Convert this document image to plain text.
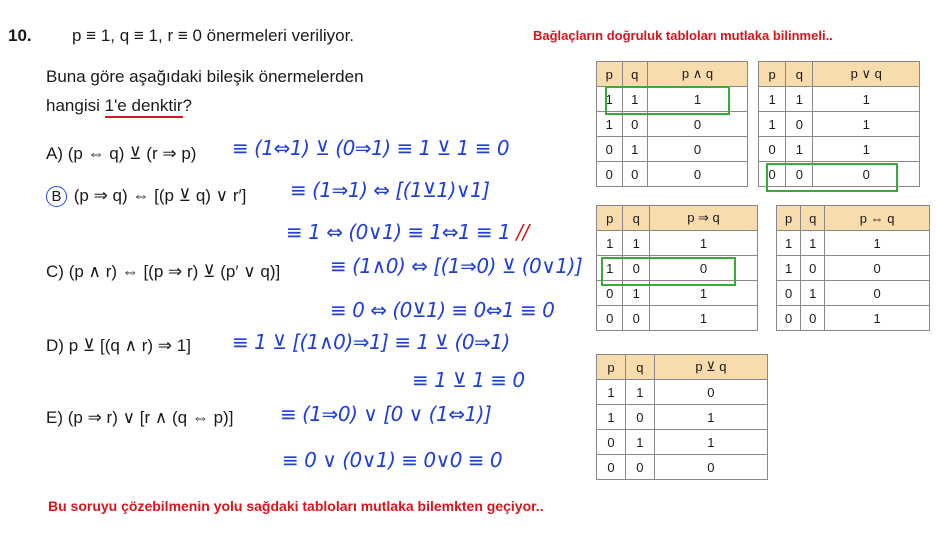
10. p ≡ 1, q ≡ 1, r ≡ 0 önermeleri veriliyor.	Bağlaçların doğruluk tabloları mutlaka bilinmeli..
Buna göre aşağıdaki bileşik önermelerden
hangisi 1'e denktir?
A) (p ⇔ q) ⊻ (r ⇒ p) ≡ (1⇔1) ⊻ (0⇒1) ≡ 1 ⊻ 1 ≡ 0
B (p ⇒ q) ⇔ [(p ⊻ q) ∨ r′] ≡ (1⇒1) ⇔ [(1⊻1)∨1]
≡ 1 ⇔ (0∨1) ≡ 1⇔1 ≡ 1 //
C) (p ∧ r) ⇔ [(p ⇒ r) ⊻ (p′ ∨ q)] ≡ (1∧0) ⇔ [(1⇒0) ⊻ (0∨1)]
≡ 0 ⇔ (0⊻1) ≡ 0⇔1 ≡ 0
D) p ⊻ [(q ∧ r) ⇒ 1] ≡ 1 ⊻ [(1∧0)⇒1] ≡ 1 ⊻ (0⇒1)
≡ 1 ⊻ 1 ≡ 0
E) (p ⇒ r) ∨ [r ∧ (q ⇔ p)] ≡ (1⇒0) ∨ [0 ∨ (1⇔1)]
≡ 0 ∨ (0∨1) ≡ 0∨0 ≡ 0
Bu soruyu çözebilmenin yolu sağdaki tabloları mutlaka bilemkten geçiyor..
p	q	p ∧ q
1	1	1
1	0	0
0	1	0
0	0	0
p	q	p ∨ q
1	1	1
1	0	1
0	1	1
0	0	0
p	q	p ⇒ q
1	1	1
1	0	0
0	1	1
0	0	1
p	q	p ⇔ q
1	1	1
1	0	0
0	1	0
0	0	1
p	q	p ⊻ q
1	1	0
1	0	1
0	1	1
0	0	0
